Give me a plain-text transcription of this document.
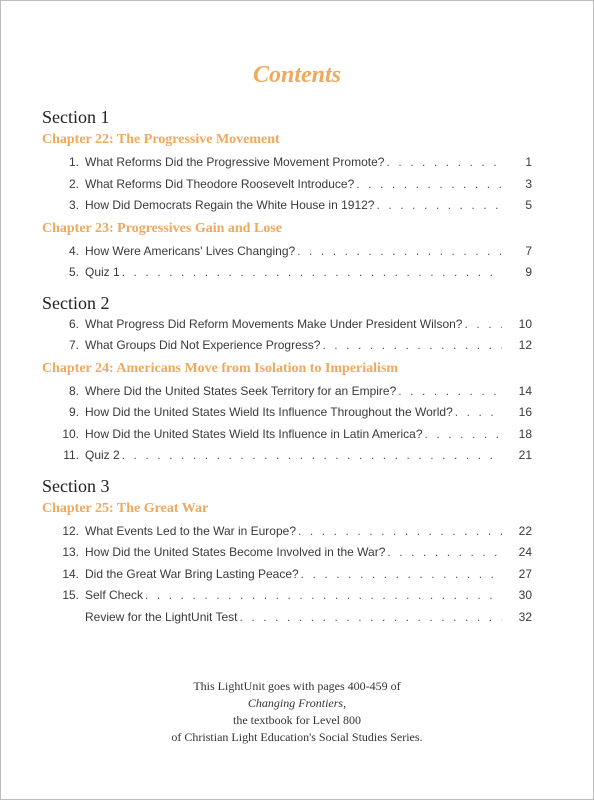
Contents
Section 1
Chapter 22: The Progressive Movement
1. What Reforms Did the Progressive Movement Promote? . . .	1
2. What Reforms Did Theodore Roosevelt Introduce? . . .	3
3. How Did Democrats Regain the White House in 1912? . . .	5
Chapter 23: Progressives Gain and Lose
4. How Were Americans' Lives Changing? . . .	7
5. Quiz 1 . . .	9
Section 2
6. What Progress Did Reform Movements Make Under President Wilson? . . .	10
7. What Groups Did Not Experience Progress? . . .	12
Chapter 24: Americans Move from Isolation to Imperialism
8. Where Did the United States Seek Territory for an Empire? . . .	14
9. How Did the United States Wield Its Influence Throughout the World? . . .	16
10. How Did the United States Wield Its Influence in Latin America? . . .	18
11. Quiz 2 . . .	21
Section 3
Chapter 25: The Great War
12. What Events Led to the War in Europe? . . .	22
13. How Did the United States Become Involved in the War? . . .	24
14. Did the Great War Bring Lasting Peace? . . .	27
15. Self Check . . .	30
Review for the LightUnit Test . . .	32
This LightUnit goes with pages 400-459 of
Changing Frontiers,
the textbook for Level 800
of Christian Light Education's Social Studies Series.
